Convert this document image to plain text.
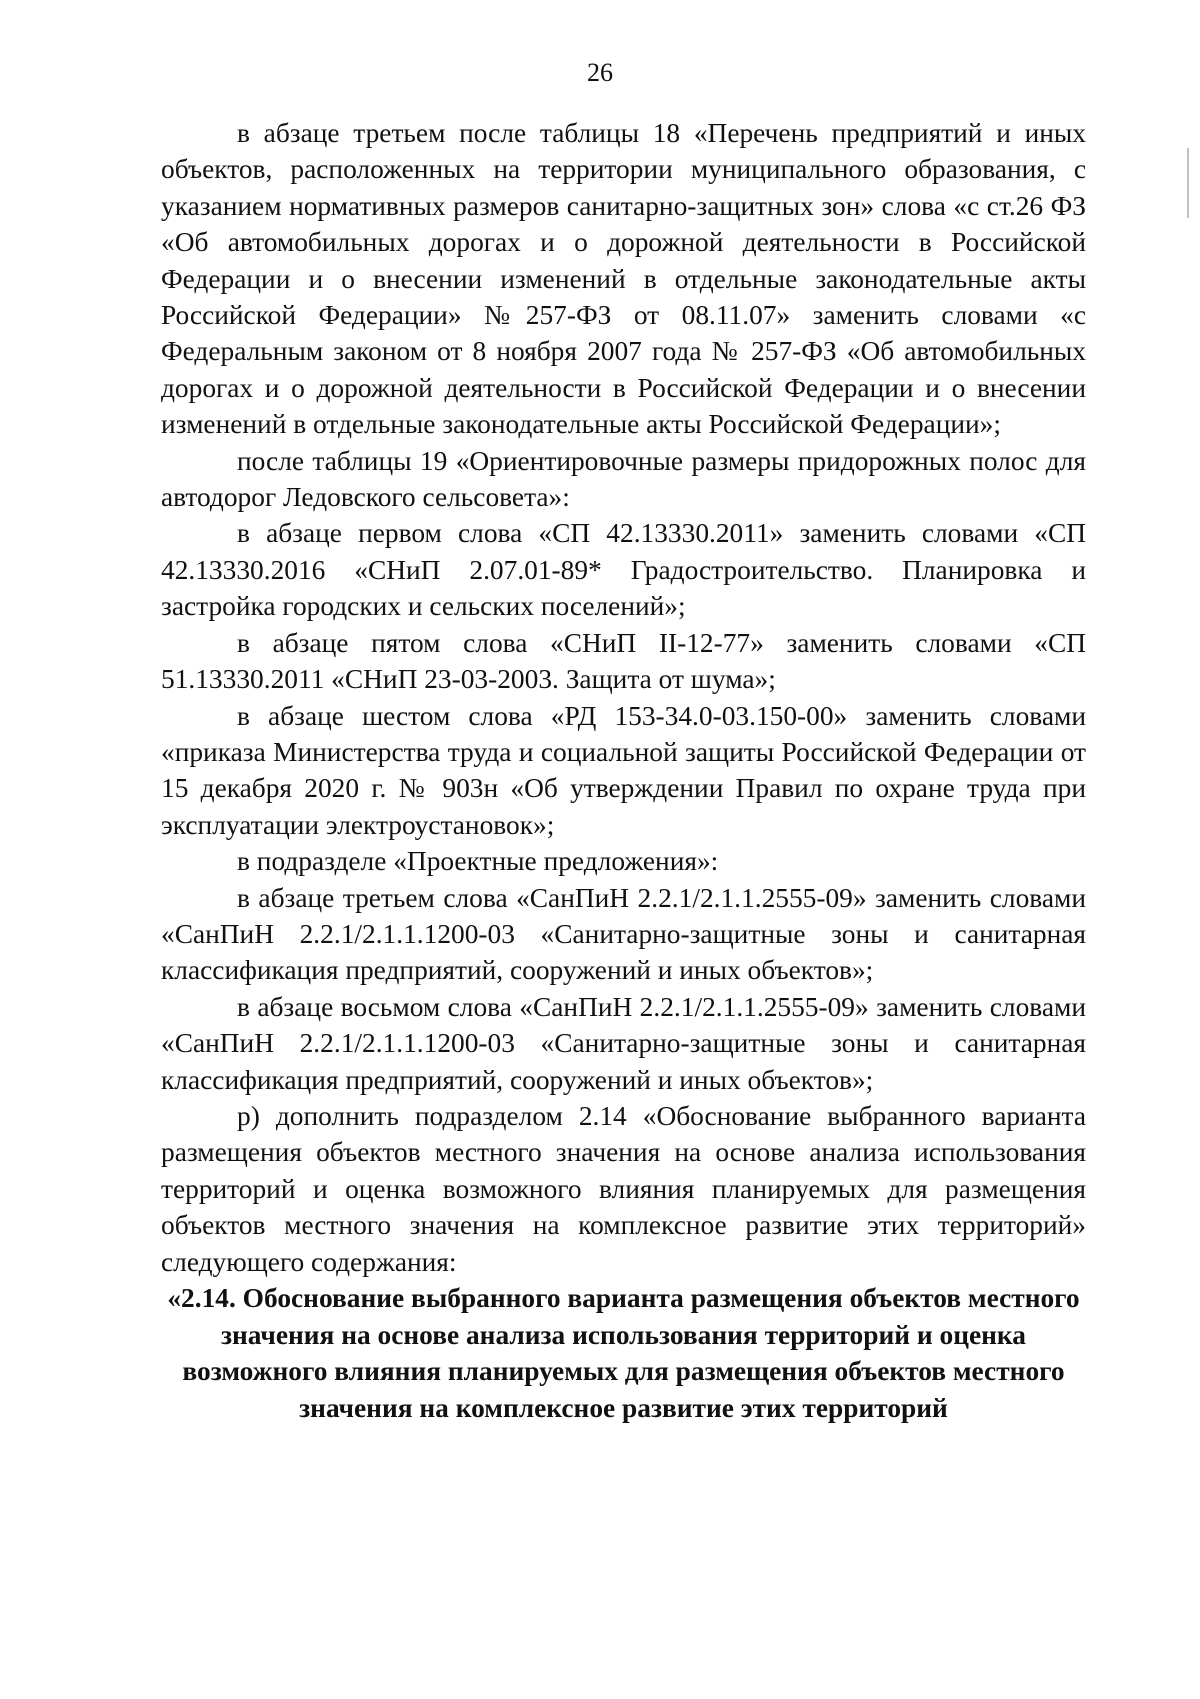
26

в абзаце третьем после таблицы 18 «Перечень предприятий и иных объектов, расположенных на территории муниципального образования, с указанием нормативных размеров санитарно-защитных зон» слова «с ст.26 ФЗ «Об автомобильных дорогах и о дорожной деятельности в Российской Федерации и о внесении изменений в отдельные законодательные акты Российской Федерации» №257-ФЗ от 08.11.07» заменить словами «с Федеральным законом от 8 ноября 2007 года № 257-ФЗ «Об автомобильных дорогах и о дорожной деятельности в Российской Федерации и о внесении изменений в отдельные законодательные акты Российской Федерации»;

после таблицы 19 «Ориентировочные размеры придорожных полос для автодорог Ледовского сельсовета»:

в абзаце первом слова «СП 42.13330.2011» заменить словами «СП 42.13330.2016 «СНиП 2.07.01-89* Градостроительство. Планировка и застройка городских и сельских поселений»;

в абзаце пятом слова «СНиП II-12-77» заменить словами «СП 51.13330.2011 «СНиП 23-03-2003. Защита от шума»;

в абзаце шестом слова «РД 153-34.0-03.150-00» заменить словами «приказа Министерства труда и социальной защиты Российской Федерации от 15 декабря 2020 г. № 903н «Об утверждении Правил по охране труда при эксплуатации электроустановок»;

в подразделе «Проектные предложения»:

в абзаце третьем слова «СанПиН 2.2.1/2.1.1.2555-09» заменить словами «СанПиН 2.2.1/2.1.1.1200-03 «Санитарно-защитные зоны и санитарная классификация предприятий, сооружений и иных объектов»;

в абзаце восьмом слова «СанПиН 2.2.1/2.1.1.2555-09» заменить словами «СанПиН 2.2.1/2.1.1.1200-03 «Санитарно-защитные зоны и санитарная классификация предприятий, сооружений и иных объектов»;

р) дополнить подразделом 2.14 «Обоснование выбранного варианта размещения объектов местного значения на основе анализа использования территорий и оценка возможного влияния планируемых для размещения объектов местного значения на комплексное развитие этих территорий» следующего содержания:

«2.14. Обоснование выбранного варианта размещения объектов местного значения на основе анализа использования территорий и оценка возможного влияния планируемых для размещения объектов местного значения на комплексное развитие этих территорий
